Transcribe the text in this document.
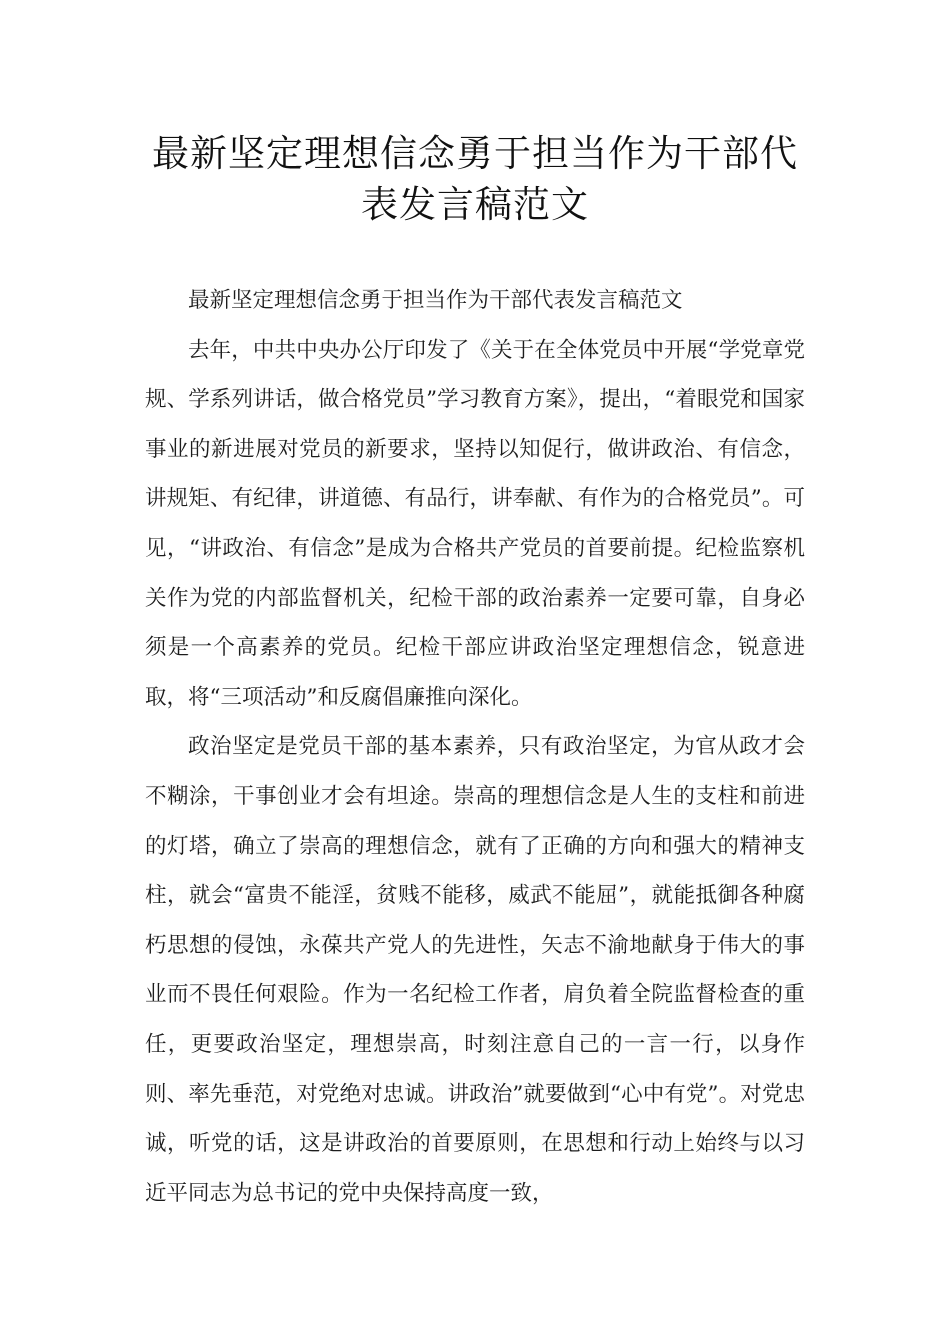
最新坚定理想信念勇于担当作为干部代
表发言稿范文

最新坚定理想信念勇于担当作为干部代表发言稿范文

去年，中共中央办公厅印发了《关于在全体党员中开展“学党章党规、学系列讲话，做合格党员”学习教育方案》，提出，“着眼党和国家事业的新进展对党员的新要求，坚持以知促行，做讲政治、有信念，讲规矩、有纪律，讲道德、有品行，讲奉献、有作为的合格党员”。可见，“讲政治、有信念”是成为合格共产党员的首要前提。纪检监察机关作为党的内部监督机关，纪检干部的政治素养一定要可靠，自身必须是一个高素养的党员。纪检干部应讲政治坚定理想信念，锐意进取，将“三项活动”和反腐倡廉推向深化。

政治坚定是党员干部的基本素养，只有政治坚定，为官从政才会不糊涂，干事创业才会有坦途。崇高的理想信念是人生的支柱和前进的灯塔，确立了崇高的理想信念，就有了正确的方向和强大的精神支柱，就会“富贵不能淫，贫贱不能移，威武不能屈”，就能抵御各种腐朽思想的侵蚀，永葆共产党人的先进性，矢志不渝地献身于伟大的事业而不畏任何艰险。作为一名纪检工作者，肩负着全院监督检查的重任，更要政治坚定，理想崇高，时刻注意自己的一言一行，以身作则、率先垂范，对党绝对忠诚。讲政治”就要做到“心中有党”。对党忠诚，听党的话，这是讲政治的首要原则，在思想和行动上始终与以习近平同志为总书记的党中央保持高度一致，
